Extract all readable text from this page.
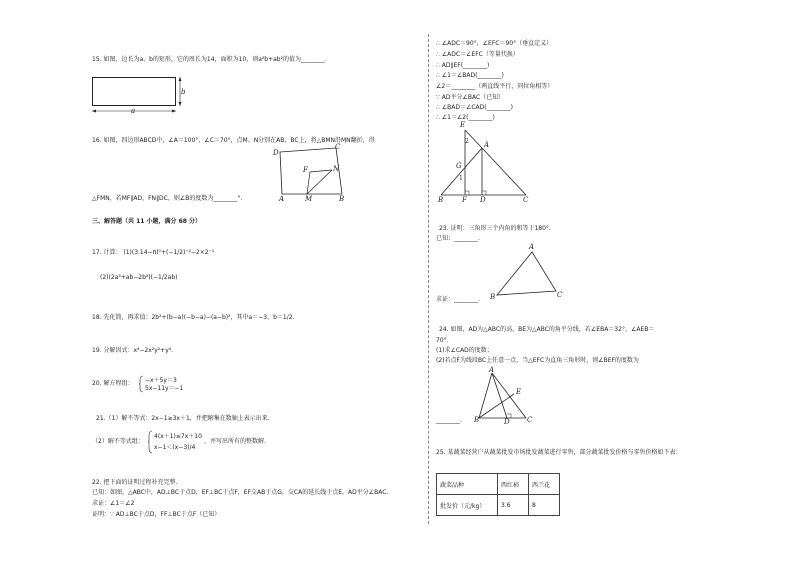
15. 如图，边长为a、b的矩形，它的周长为14，面积为10，则a²b+ab²的值为________.
a
b
16. 如图，四边形ABCD中，∠A＝100°，∠C＝70°，点M、N分别在AB、BC上，将△BMN沿MN翻折，得
△FMN，若MF∥AD，FN∥DC，则∠B的度数为________°.
D
C
F	N
A	M	B
三、解答题（共 11 小题，满分 68 分）
17. 计算： (1)(3.14−π)⁰+(−1/2)⁻²−2×2⁻¹
(2)(2a³+ab−2b²)(−1/2ab)
18. 先化简，再求值：2b²+(b−a)(−b−a)−(a−b)²，其中a＝−3，b＝1/2.
19. 分解因式：x⁴−2x²y²+y⁴.
20. 解方程组： −x＋5y＝3
5x−11y＝−1
21.（1）解不等式：2x−1≥3x＋1，并把解集在数轴上表示出来.
（2）解不等式组：
4(x＋1)≤7x＋10
x−1＜(x−3)/4
，并写出所有的整数解.
22. 把下面的证明过程补充完整.
已知：如图，△ABC中，AD⊥BC于点D，EF⊥BC于点F，EF交AB于点G，交CA的延长线于点E，AD平分∠BAC.
求证：∠1＝∠2
证明：∵ AD⊥BC于点D，FF⊥BC于点F（已知）
∴ ∠ADC＝90°，∠EFC＝90°（垂直定义）
∴ ∠ADC＝∠EFC（等量代换）
∴ AD∥EF(________)
∴ ∠1＝∠BAD(________)
∠2＝________（两直线平行，同位角相等）
∵ AD平分∠BAC（已知）
∴ ∠BAD＝∠CAD(________)
∴ ∠1＝∠2(________)
E
2 A
G
1
B	F D	C
23. 证明：三角形三个内角的和等于180°.
已知：________.
A
B	C
求证：________.
24. 如图，AD为△ABC的高，BE为△ABC的角平分线，若∠EBA＝32°，∠AEB＝
70°.
(1)求∠CAD的度数；
(2)若点F为线段BC上任意一点，当△EFC为直角三角形时，则∠BEF的度数为
A
E
________. B	D C
25. 某蔬菜经营户从蔬菜批发市场批发蔬菜进行零售，部分蔬菜批发价格与零售价格如下表：
蔬菜品种	西红柿	西兰花
批发价（元/kg）	3.6	8
